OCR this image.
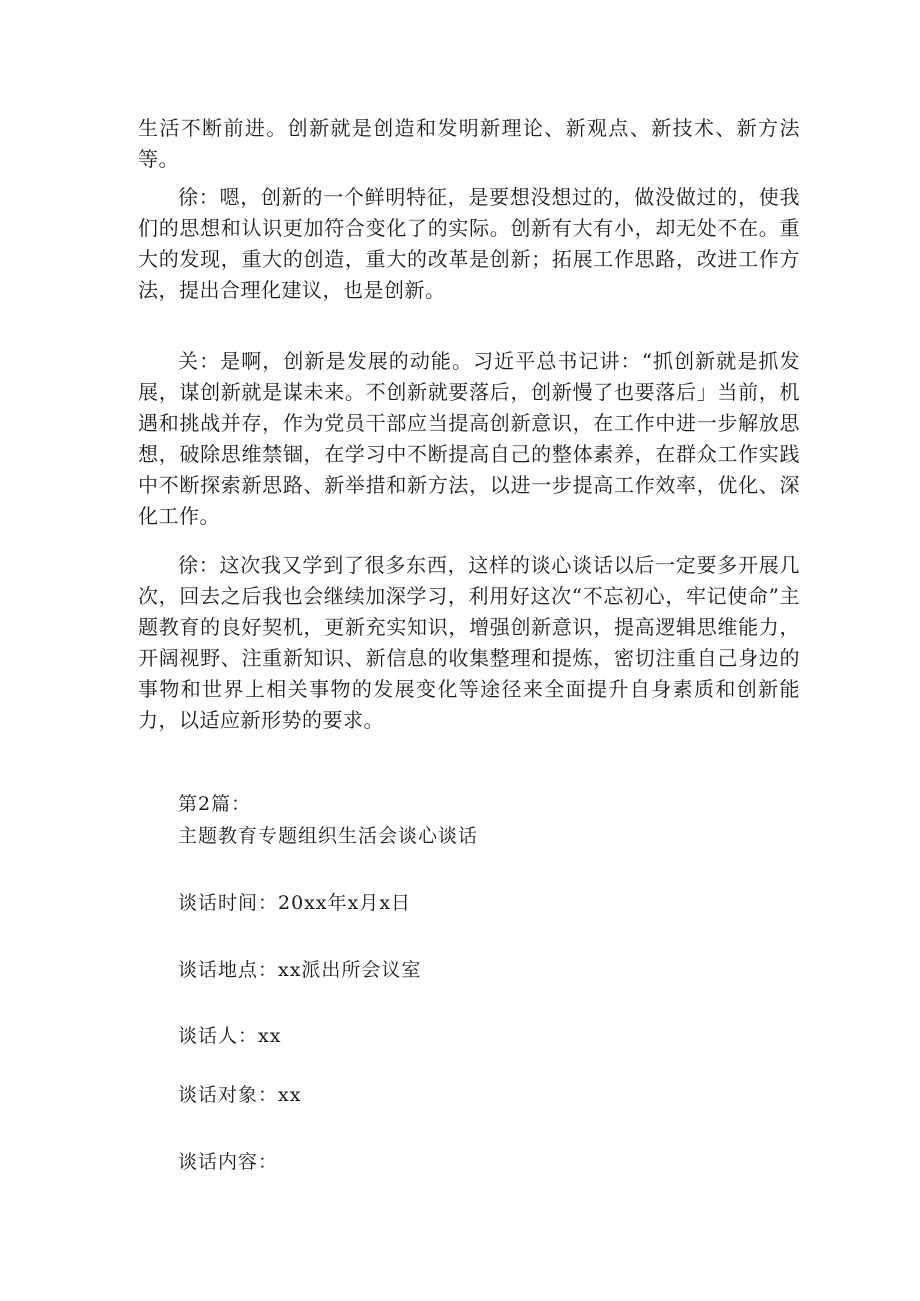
生活不断前进。创新就是创造和发明新理论、新观点、新技术、新方法等。

徐：嗯，创新的一个鲜明特征，是要想没想过的，做没做过的，使我们的思想和认识更加符合变化了的实际。创新有大有小，却无处不在。重大的发现，重大的创造，重大的改革是创新；拓展工作思路，改进工作方法，提出合理化建议，也是创新。

关：是啊，创新是发展的动能。习近平总书记讲：“抓创新就是抓发展，谋创新就是谋未来。不创新就要落后，创新慢了也要落后」当前，机遇和挑战并存，作为党员干部应当提高创新意识，在工作中进一步解放思想，破除思维禁锢，在学习中不断提高自己的整体素养，在群众工作实践中不断探索新思路、新举措和新方法，以进一步提高工作效率，优化、深化工作。

徐：这次我又学到了很多东西，这样的谈心谈话以后一定要多开展几次，回去之后我也会继续加深学习，利用好这次“不忘初心，牢记使命”主题教育的良好契机，更新充实知识，增强创新意识，提高逻辑思维能力，开阔视野、注重新知识、新信息的收集整理和提炼，密切注重自己身边的事物和世界上相关事物的发展变化等途径来全面提升自身素质和创新能力，以适应新形势的要求。

第2篇：

主题教育专题组织生活会谈心谈话

谈话时间：20xx年x月x日

谈话地点：xx派出所会议室

谈话人：xx

谈话对象：xx

谈话内容：
